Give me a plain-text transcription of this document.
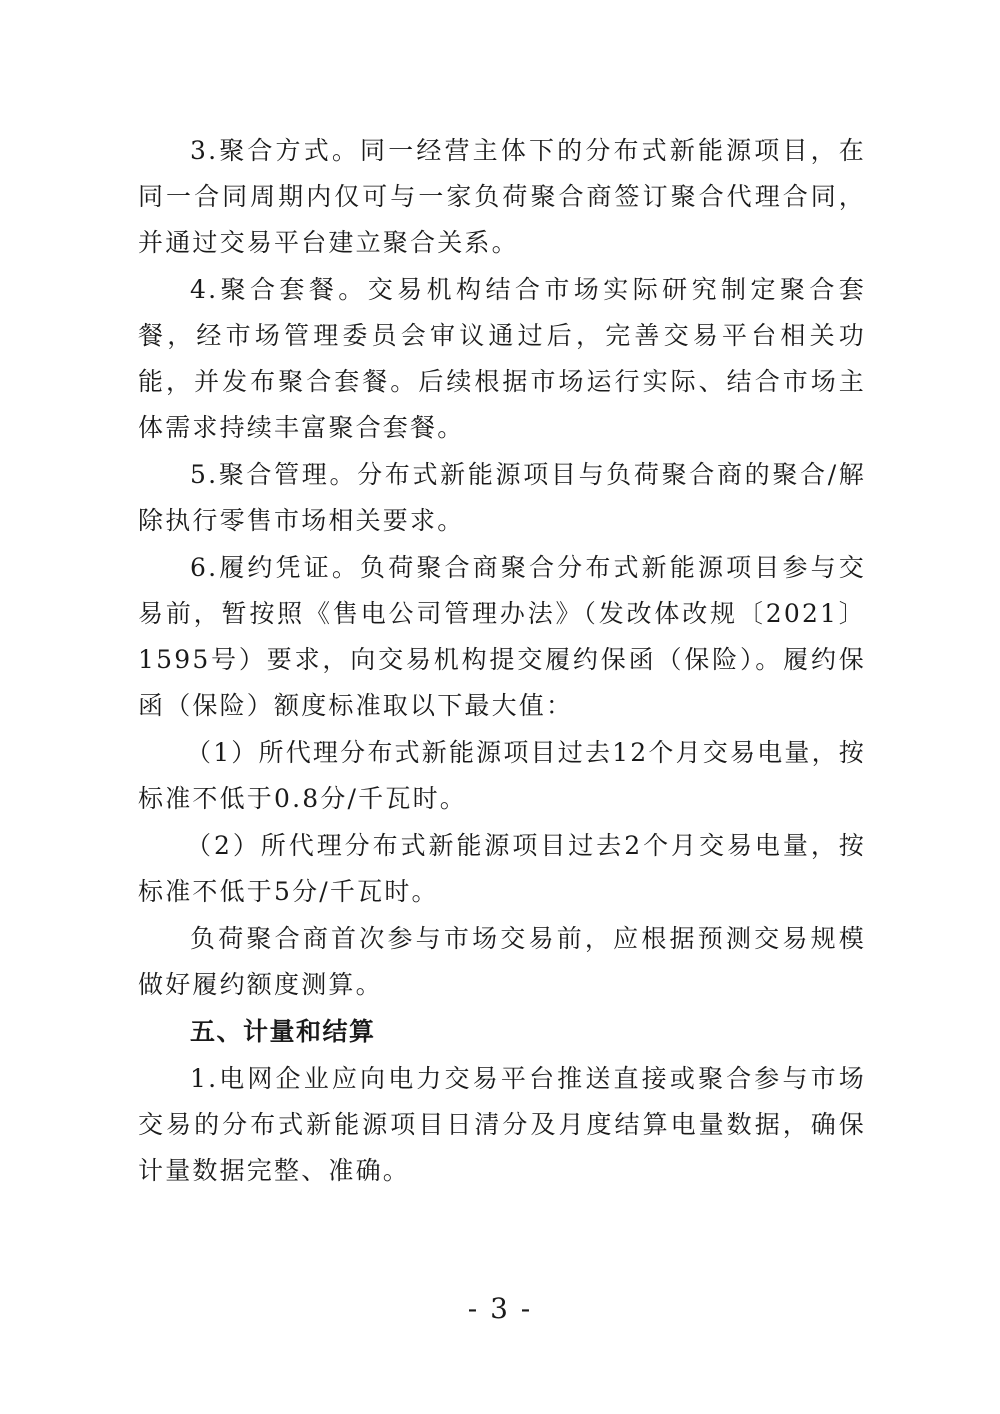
3.聚合方式。同一经营主体下的分布式新能源项目，在同一合同周期内仅可与一家负荷聚合商签订聚合代理合同，并通过交易平台建立聚合关系。

4.聚合套餐。交易机构结合市场实际研究制定聚合套餐，经市场管理委员会审议通过后，完善交易平台相关功能，并发布聚合套餐。后续根据市场运行实际、结合市场主体需求持续丰富聚合套餐。

5.聚合管理。分布式新能源项目与负荷聚合商的聚合/解除执行零售市场相关要求。

6.履约凭证。负荷聚合商聚合分布式新能源项目参与交易前，暂按照《售电公司管理办法》（发改体改规〔2021〕1595号）要求，向交易机构提交履约保函（保险）。履约保函（保险）额度标准取以下最大值：

（1）所代理分布式新能源项目过去12个月交易电量，按标准不低于0.8分/千瓦时。

（2）所代理分布式新能源项目过去2个月交易电量，按标准不低于5分/千瓦时。

负荷聚合商首次参与市场交易前，应根据预测交易规模做好履约额度测算。

五、计量和结算

1.电网企业应向电力交易平台推送直接或聚合参与市场交易的分布式新能源项目日清分及月度结算电量数据，确保计量数据完整、准确。

- 3 -
